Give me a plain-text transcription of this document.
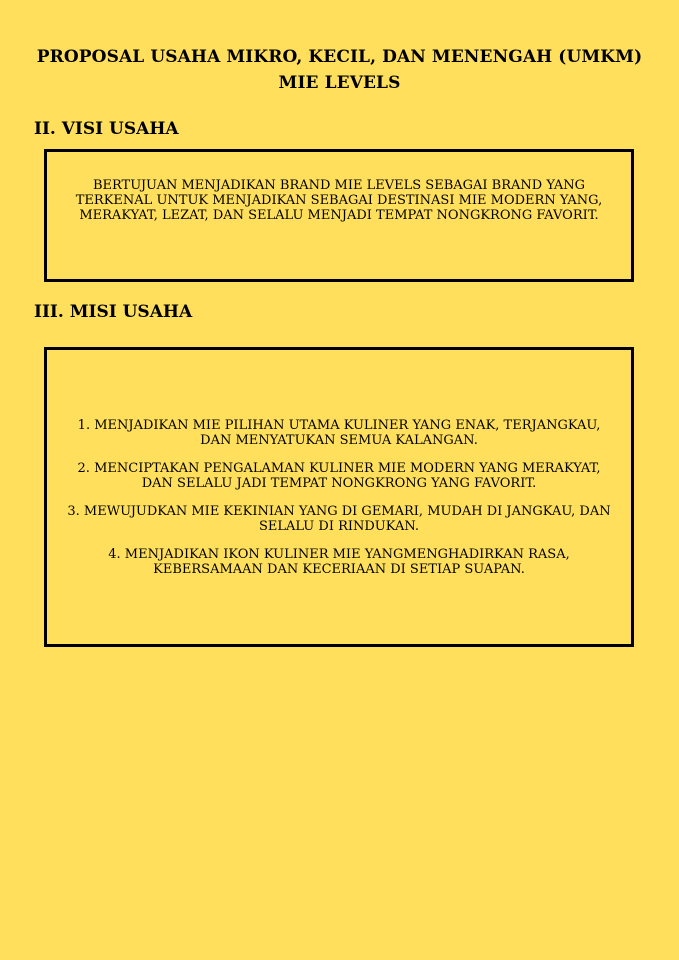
PROPOSAL USAHA MIKRO, KECIL, DAN MENENGAH (UMKM)
MIE LEVELS
II. VISI USAHA

BERTUJUAN MENJADIKAN BRAND MIE LEVELS SEBAGAI BRAND YANG TERKENAL UNTUK MENJADIKAN SEBAGAI DESTINASI MIE MODERN YANG, MERAKYAT, LEZAT, DAN SELALU MENJADI TEMPAT NONGKRONG FAVORIT.

III. MISI USAHA
1. MENJADIKAN MIE PILIHAN UTAMA KULINER YANG ENAK, TERJANGKAU, DAN MENYATUKAN SEMUA KALANGAN.
2. MENCIPTAKAN PENGALAMAN KULINER MIE MODERN YANG MERAKYAT, DAN SELALU JADI TEMPAT NONGKRONG YANG FAVORIT.
3. MEWUJUDKAN MIE KEKINIAN YANG DI GEMARI, MUDAH DI JANGKAU, DAN SELALU DI RINDUKAN.
4. MENJADIKAN IKON KULINER MIE YANGMENGHADIRKAN RASA, KEBERSAMAAN DAN KECERIAAN DI SETIAP SUAPAN.
